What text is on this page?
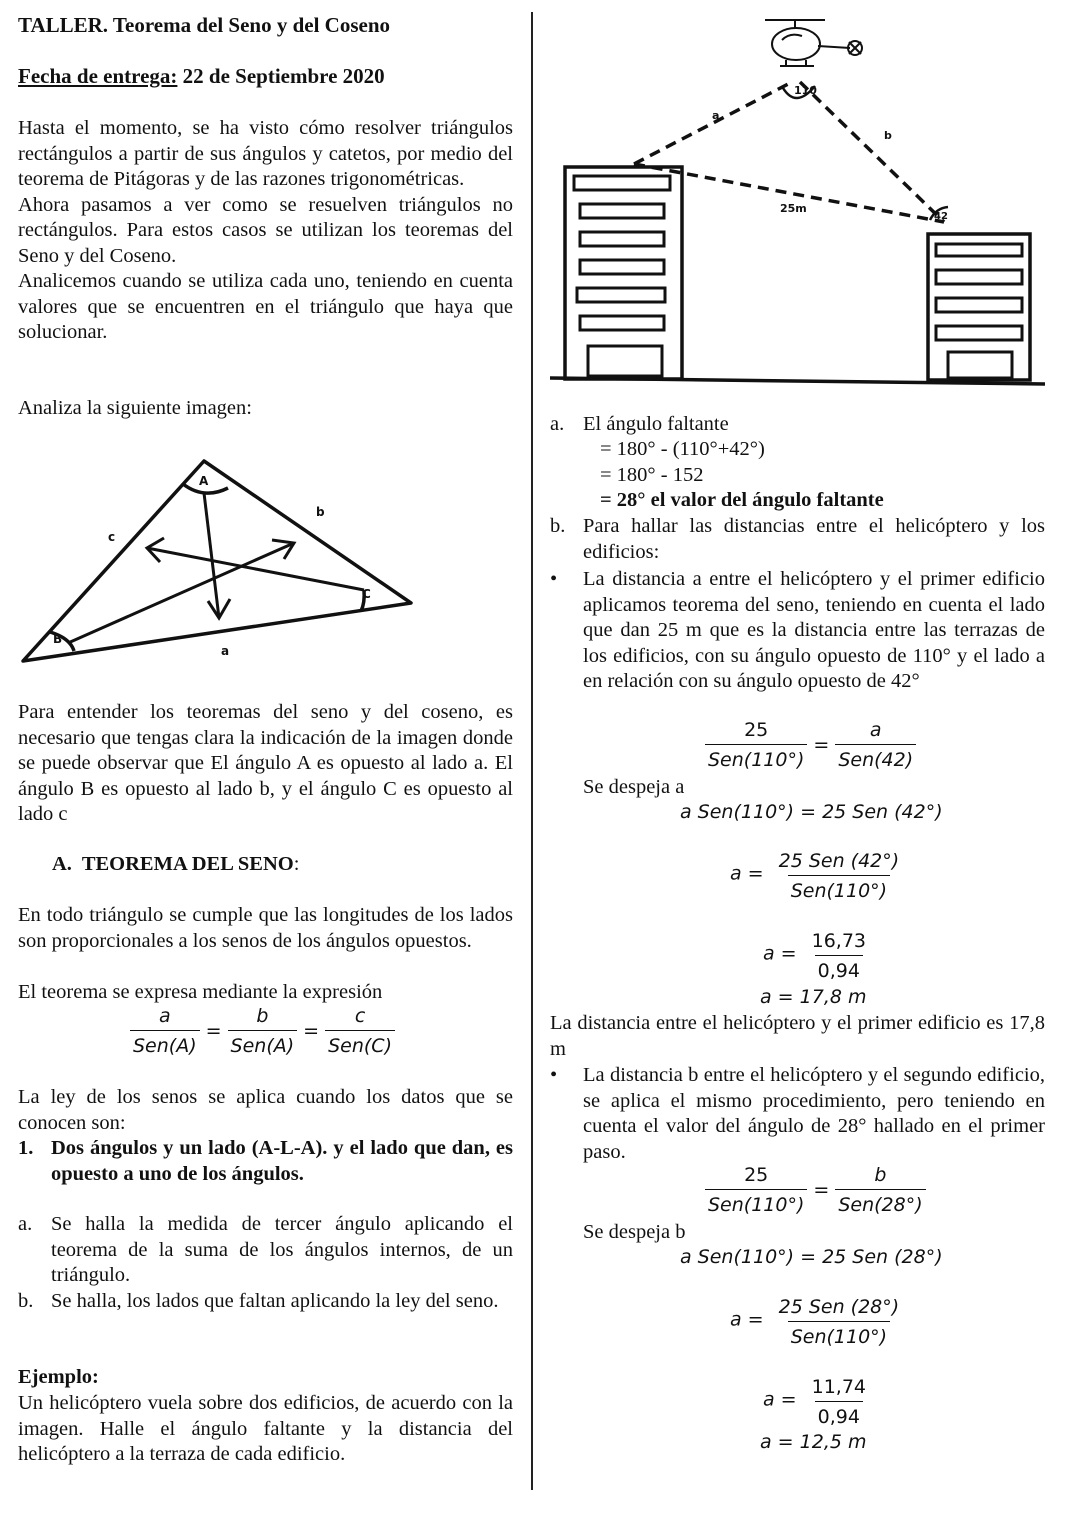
TALLER. Teorema del Seno y del Coseno
Fecha de entrega: 22 de Septiembre 2020

Hasta el momento, se ha visto cómo resolver triángulos rectángulos a partir de sus ángulos y catetos, por medio del teorema de Pitágoras y de las razones trigonométricas.

Ahora pasamos a ver como se resuelven triángulos no rectángulos. Para estos casos se utilizan los teoremas del Seno y del Coseno.

Analicemos cuando se utiliza cada uno, teniendo en cuenta valores que se encuentren en el triángulo que haya que solucionar.

Analiza la siguiente imagen:

A
B
C
a
b
c

Para entender los teoremas del seno y del coseno, es necesario que tengas clara la indicación de la imagen donde se puede observar que El ángulo A es opuesto al lado a. El ángulo B es opuesto al lado b, y el ángulo C es opuesto al lado c

A. TEOREMA DEL SENO:

En todo triángulo se cumple que las longitudes de los lados son proporcionales a los senos de los ángulos opuestos.

El teorema se expresa mediante la expresión

$\frac{a}{\text{Sen(A)}} = \frac{b}{\text{Sen(A)}} = \frac{c}{\text{Sen(C)}}$

La ley de los senos se aplica cuando los datos que se conocen son:

1. Dos ángulos y un lado (A-L-A). y el lado que dan, es opuesto a uno de los ángulos.

a. Se halla la medida de tercer ángulo aplicando el teorema de la suma de los ángulos internos, de un triángulo.

b. Se halla, los lados que faltan aplicando la ley del seno.

Ejemplo:

Un helicóptero vuela sobre dos edificios, de acuerdo con la imagen. Halle el ángulo faltante y la distancia del helicóptero a la terraza de cada edificio.

110
42
a
b
25m
a. El ángulo faltante
= 180° - (110°+42°)
= 180° - 152
= 28° el valor del ángulo faltante
b. Para hallar las distancias entre el helicóptero y los edificios:

•	La distancia a entre el helicóptero y el primer edificio aplicamos teorema del seno, teniendo en cuenta el lado que dan 25 m que es la distancia entre las terrazas de los edificios, con su ángulo opuesto de 110° y el lado a en relación con su ángulo opuesto de 42°

$\frac{25}{\text{Sen(110°)}} = \frac{a}{\text{Sen(42)}}$

Se despeja a

a Sen(110°) = 25 Sen (42°)
$a = \frac{\text{25 Sen (42°)}}{\text{Sen(110°)}}$
$a = \frac{16,73}{0,94}$
a = 17,8 m

La distancia entre el helicóptero y el primer edificio es 17,8 m

•	La distancia b entre el helicóptero y el segundo edificio, se aplica el mismo procedimiento, pero teniendo en cuenta el valor del ángulo de 28° hallado en el primer paso.

$\frac{25}{\text{Sen(110°)}} = \frac{b}{\text{Sen(28°)}}$

Se despeja b

a Sen(110°) = 25 Sen (28°)
$a = \frac{\text{25 Sen (28°)}}{\text{Sen(110°)}}$
$a = \frac{11,74}{0,94}$
a = 12,5 m
